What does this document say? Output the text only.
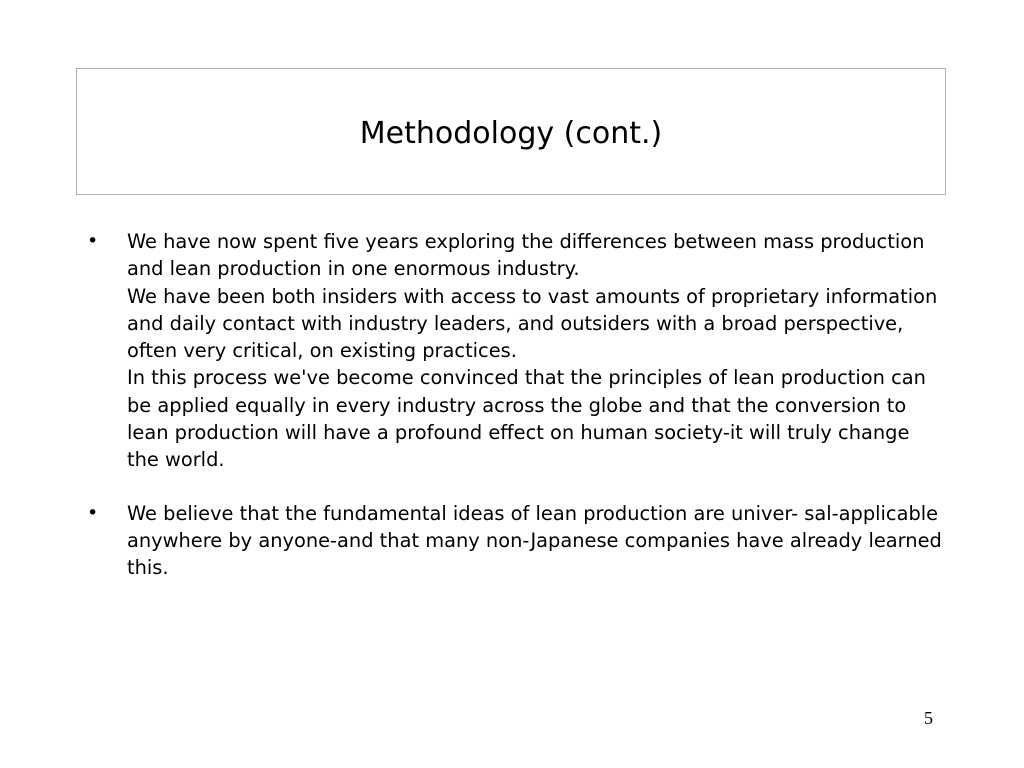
Methodology (cont.)
•	We have now spent five years exploring the differences between mass production and lean production in one enormous industry.
We have been both insiders with access to vast amounts of proprietary information and daily contact with industry leaders, and outsiders with a broad perspective, often very critical, on existing practices.
In this process we've become convinced that the principles of lean production can be applied equally in every industry across the globe and that the conversion to lean production will have a profound effect on human society-it will truly change the world.
•	We believe that the fundamental ideas of lean production are univer- sal-applicable anywhere by anyone-and that many non-Japanese companies have already learned this.
5
